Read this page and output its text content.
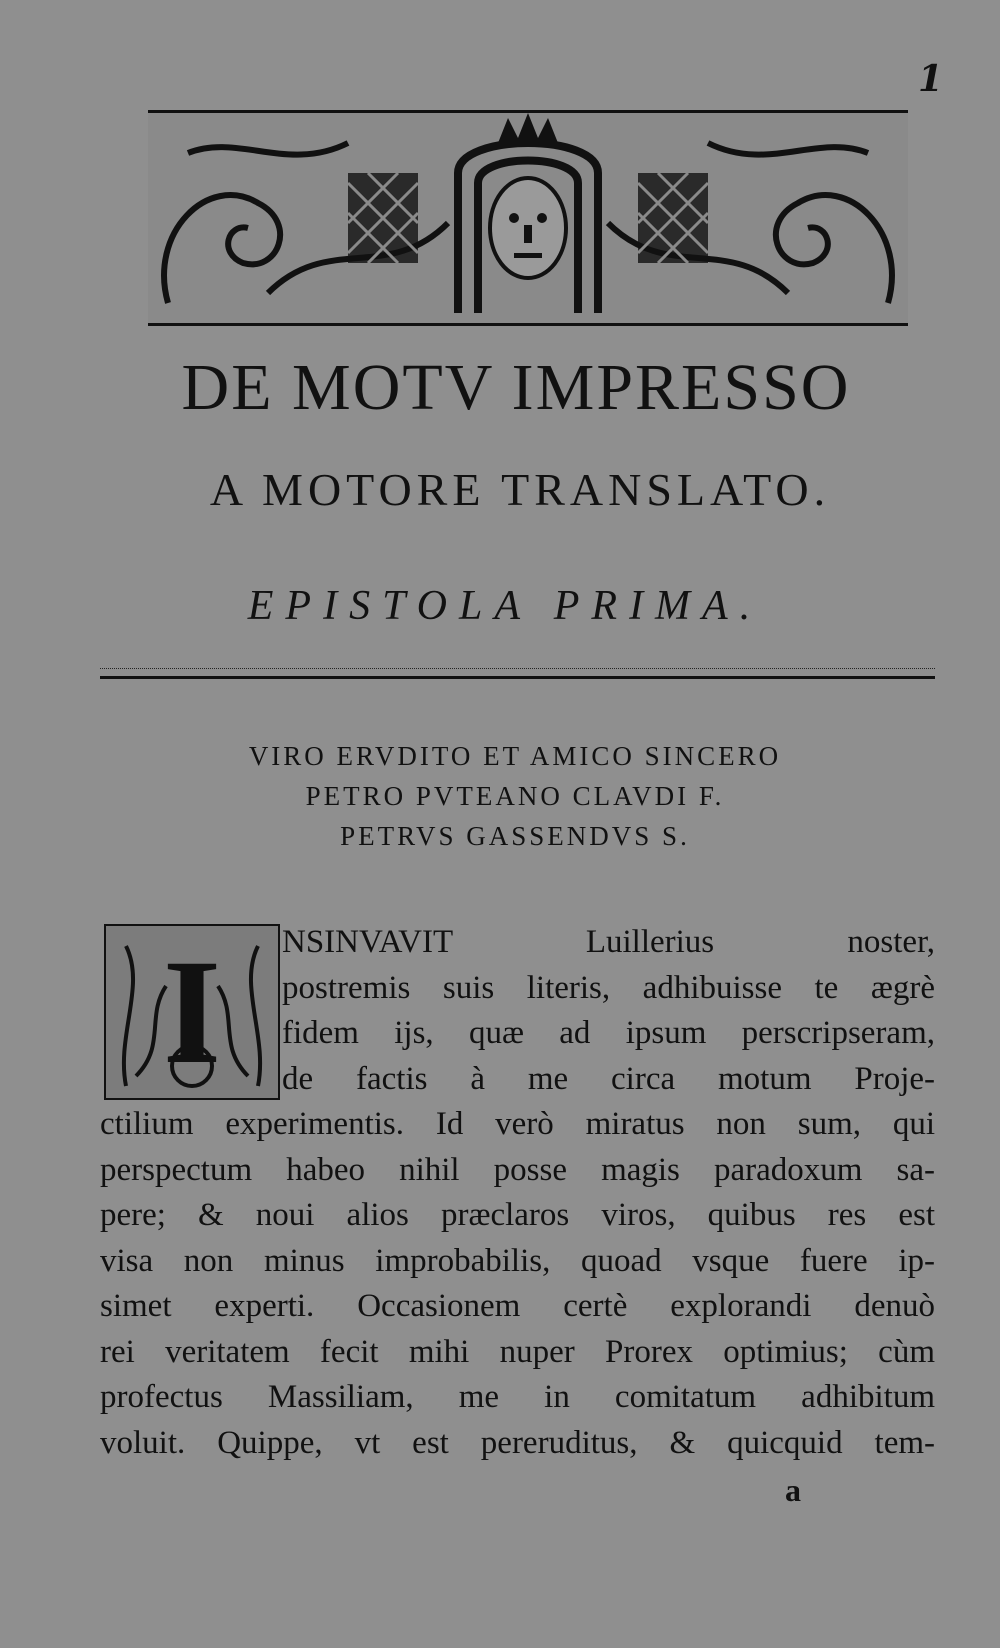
1
DE MOTV IMPRESSO
A MOTORE TRANSLATO.
EPISTOLA PRIMA.
VIRO ERVDITO ET AMICO SINCERO
PETRO PVTEANO CLAVDI F.
PETRVS GASSENDVS S.
I	NSINVAVIT Luillerius noster,
postremis suis literis, adhibuisse te ægrè
fidem ijs, quæ ad ipsum perscripseram,
de factis à me circa motum Proje-
ctilium experimentis. Id verò miratus non sum, qui
perspectum habeo nihil posse magis paradoxum sa-
pere; & noui alios præclaros viros, quibus res est
visa non minus improbabilis, quoad vsque fuere ip-
simet experti. Occasionem certè explorandi denuò
rei veritatem fecit mihi nuper Prorex optimius; cùm
profectus Massiliam, me in comitatum adhibitum
voluit. Quippe, vt est pereruditus, & quicquid tem-
a
